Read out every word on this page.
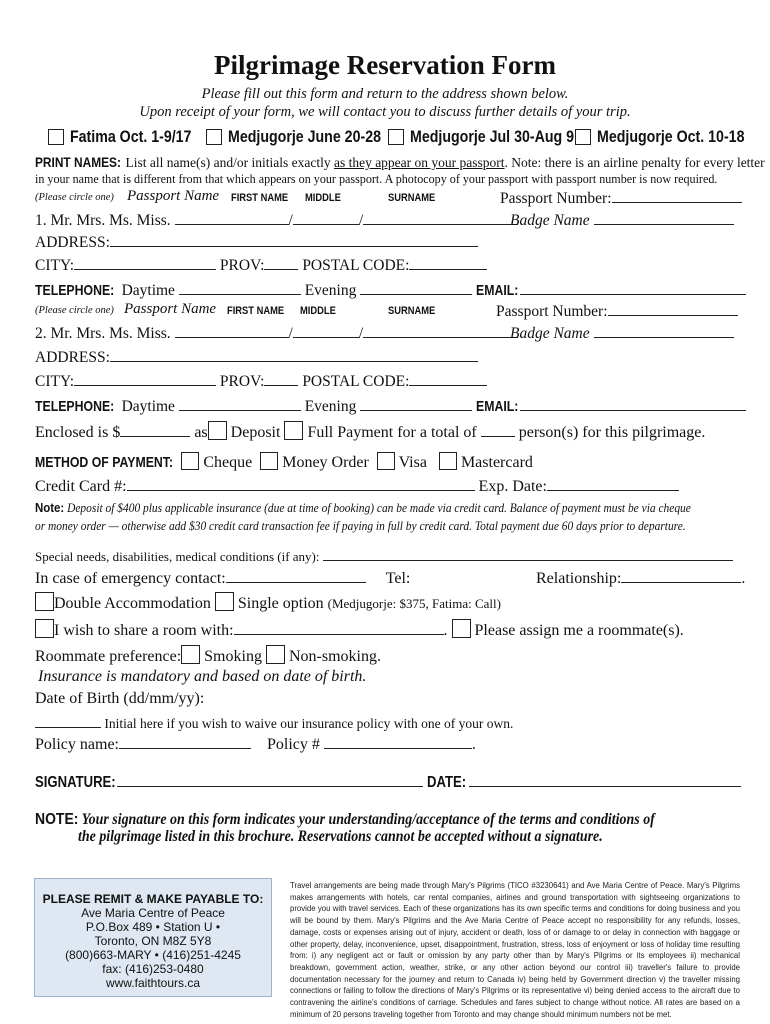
Pilgrimage Reservation Form
Please fill out this form and return to the address shown below.
Upon receipt of your form, we will contact you to discuss further details of your trip.
Fatima Oct. 1-9/17 Medjugorje June 20-28 Medjugorje Jul 30-Aug 9 Medjugorje Oct. 10-18
PRINT NAMES: List all name(s) and/or initials exactly as they appear on your passport. Note: there is an airline penalty for every letter
in your name that is different from that which appears on your passport. A photocopy of your passport with passport number is now required.
(Please circle one) Passport Name FIRST NAME MIDDLE	SURNAME	Passport Number:
1. Mr. Mrs. Ms. Miss.	/	/	Badge Name
ADDRESS:
CITY:	PROV: POSTAL CODE:
TELEPHONE: Daytime	Evening	EMAIL:
(Please circle one) Passport Name FIRST NAME MIDDLE	SURNAME	Passport Number:
2. Mr. Mrs. Ms. Miss.	/	/	Badge Name
ADDRESS:
CITY:	PROV: POSTAL CODE:
TELEPHONE: Daytime	Evening	EMAIL:
Enclosed is $	as Deposit Full Payment for a total of	person(s) for this pilgrimage.
METHOD OF PAYMENT: Cheque Money Order Visa Mastercard
Credit Card #:	Exp. Date:
Note: Deposit of $400 plus applicable insurance (due at time of booking) can be made via credit card. Balance of payment must be via cheque
or money order — otherwise add $30 credit card transaction fee if paying in full by credit card. Total payment due 60 days prior to departure.
Special needs, disabilities, medical conditions (if any):
In case of emergency contact:	Tel:	Relationship:	.
Double Accommodation Single option (Medjugorje: $375, Fatima: Call)
I wish to share a room with:	.  Please assign me a roommate(s).
Roommate preference: Smoking Non-smoking.
Insurance is mandatory and based on date of birth.
Date of Birth (dd/mm/yy):
Initial here if you wish to waive our insurance policy with one of your own.
Policy name:	Policy #	.
SIGNATURE:	DATE:
NOTE: Your signature on this form indicates your understanding/acceptance of the terms and conditions of
the pilgrimage listed in this brochure. Reservations cannot be accepted without a signature.
PLEASE REMIT & MAKE PAYABLE TO:
Ave Maria Centre of Peace
P.O.Box 489 • Station U •
Toronto, ON M8Z 5Y8
(800)663-MARY • (416)251-4245
fax: (416)253-0480
www.faithtours.ca
Travel arrangements are being made through Mary's Pilgrims (TICO #3230641) and Ave Maria Centre of Peace. Mary's Pilgrims makes arrangements with hotels, car rental companies, airlines and ground transportation with sightseeing organizations to provide you with travel services. Each of these organizations has its own specific terms and conditions for doing business and you will be bound by them. Mary's Pilgrims and the Ave Maria Centre of Peace accept no responsibility for any refunds, losses, damage, costs or expenses arising out of injury, accident or death, loss of or damage to or delay in connection with baggage or other property, delay, inconvenience, upset, disappointment, frustration, stress, loss of enjoyment or loss of holiday time resulting from: i) any negligent act or fault or omission by any party other than by Mary's Pilgrims or its employees ii) mechanical breakdown, government action, weather, strike, or any other action beyond our control iii) traveller's failure to provide documentation necessary for the journey and return to Canada iv) being held by Government direction v) the traveller missing connections or failing to follow the directions of Mary's Pilgrims or its representative vi) being denied access to the aircraft due to contravening the airline's conditions of carriage. Schedules and fares subject to change without notice. All rates are based on a minimum of 20 persons traveling together from Toronto and may change should minimum numbers not be met.
